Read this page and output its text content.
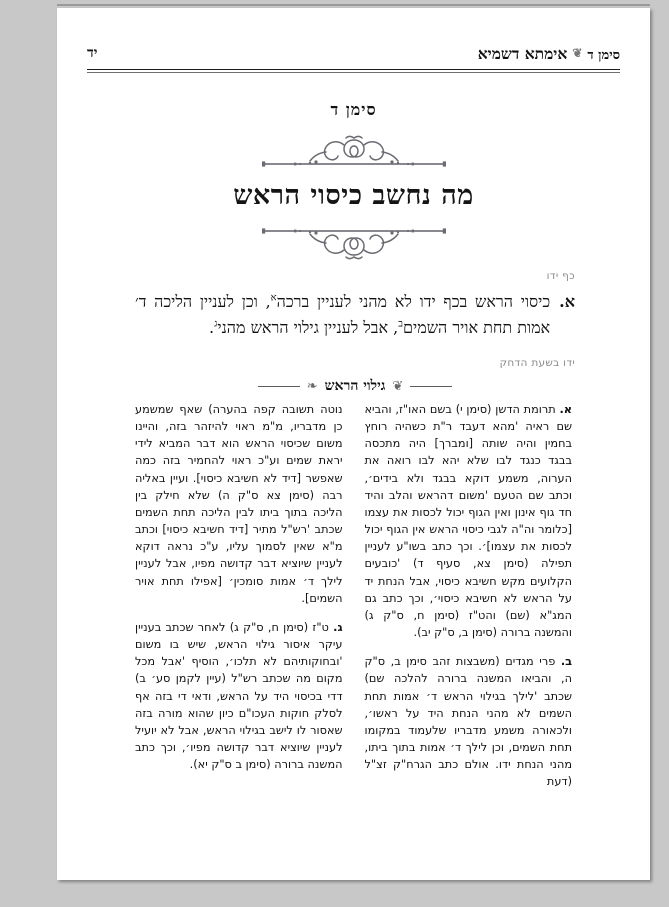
סימן ד❦אימתא דשמיא
יד
סימן ד
מה נחשב כיסוי הראש
כף ידו
א.
כיסוי הראש בכף ידו לא מהני לעניין ברכה$^א$, וכן לעניין הליכה ד׳ אמות תחת אויר השמים$^ב$, אבל לעניין גילוי הראש מהני$^ג$.
ידו בשעת הדחק
❦
גילוי הראש
❧

א. תרומת הדשן (סימן י) בשם האו"ז, והביא שם ראיה 'מהא דעבד ר"ת כשהיה רוחץ בחמין והיה שותה [ומברך] היה מתכסה בבגד כנגד לבו שלא יהא לבו רואה את הערוה, משמע דוקא בבגד ולא בידים׳, וכתב שם הטעם 'משום דהראש והלב והיד חד גוף אינון ואין הגוף יכול לכסות את עצמו [כלומר וה"ה לגבי כיסוי הראש אין הגוף יכול לכסות את עצמו]׳. וכך כתב בשו"ע לעניין תפילה (סימן צא, סעיף ד) 'כובעים הקלועים מקש חשיבא כיסוי, אבל הנחת יד על הראש לא חשיבא כיסוי׳, וכך כתב גם המג"א (שם) והט"ז (סימן ח, ס"ק ג) והמשנה ברורה (סימן ב, ס"ק יב).

ב. פרי מגדים (משבצות זהב סימן ב, ס"ק ה, והביאו המשנה ברורה להלכה שם) שכתב 'לילך בגילוי הראש ד׳ אמות תחת השמים לא מהני הנחת היד על ראשו׳, ולכאורה משמע מדבריו שלעמוד במקומו תחת השמים, וכן לילך ד׳ אמות בתוך ביתו, מהני הנחת ידו. אולם כתב הגרח"ק זצ"ל (דעת

נוטה תשובה קפה בהערה) שאף שמשמע כן מדבריו, מ"מ ראוי להיזהר בזה, והיינו משום שכיסוי הראש הוא דבר המביא לידי יראת שמים וע"כ ראוי להחמיר בזה כמה שאפשר [דיד לא חשיבא כיסוי]. ועיין באליה רבה (סימן צא ס"ק ה) שלא חילק בין הליכה בתוך ביתו לבין הליכה תחת השמים שכתב 'רש"ל מתיר [דיד חשיבא כיסוי] וכתב מ"א שאין לסמוך עליו, ע"כ נראה דוקא לעניין שיוציא דבר קדושה מפיו, אבל לעניין לילך ד׳ אמות סומכין׳ [אפילו תחת אויר השמים].

ג. ט"ז (סימן ח, ס"ק ג) לאחר שכתב בעניין עיקר איסור גילוי הראש, שיש בו משום 'ובחוקותיהם לא תלכו׳, הוסיף 'אבל מכל מקום מה שכתב רש"ל (עיין לקמן סע׳ ב) דדי בכיסוי היד על הראש, ודאי די בזה אף לסלק חוקות העכו"ם כיון שהוא מורה בזה שאסור לו לישב בגילוי הראש, אבל לא יועיל לעניין שיוציא דבר קדושה מפיו׳, וכך כתב המשנה ברורה (סימן ב ס"ק יא).
